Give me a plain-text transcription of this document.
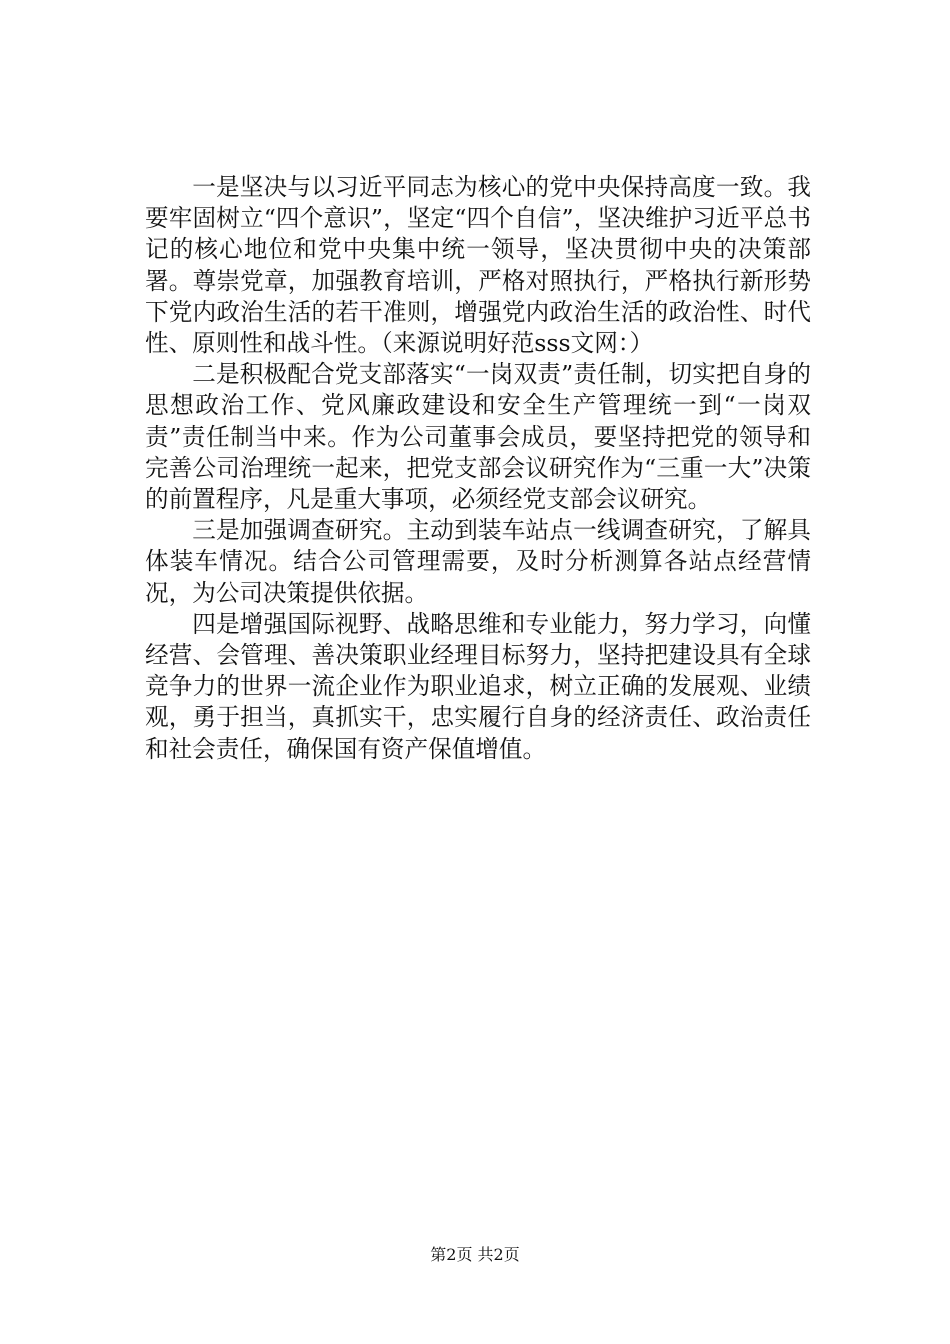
一是坚决与以习近平同志为核心的党中央保持高度一致。我要牢固树立“四个意识”，坚定“四个自信”，坚决维护习近平总书记的核心地位和党中央集中统一领导，坚决贯彻中央的决策部署。尊崇党章，加强教育培训，严格对照执行，严格执行新形势下党内政治生活的若干准则，增强党内政治生活的政治性、时代性、原则性和战斗性。（来源说明好范sss文网：）

二是积极配合党支部落实“一岗双责”责任制，切实把自身的思想政治工作、党风廉政建设和安全生产管理统一到“一岗双责”责任制当中来。作为公司董事会成员，要坚持把党的领导和完善公司治理统一起来，把党支部会议研究作为“三重一大”决策的前置程序，凡是重大事项，必须经党支部会议研究。

三是加强调查研究。主动到装车站点一线调查研究，了解具体装车情况。结合公司管理需要，及时分析测算各站点经营情况，为公司决策提供依据。

四是增强国际视野、战略思维和专业能力，努力学习，向懂经营、会管理、善决策职业经理目标努力，坚持把建设具有全球竞争力的世界一流企业作为职业追求，树立正确的发展观、业绩观，勇于担当，真抓实干，忠实履行自身的经济责任、政治责任和社会责任，确保国有资产保值增值。

第2页 共2页
